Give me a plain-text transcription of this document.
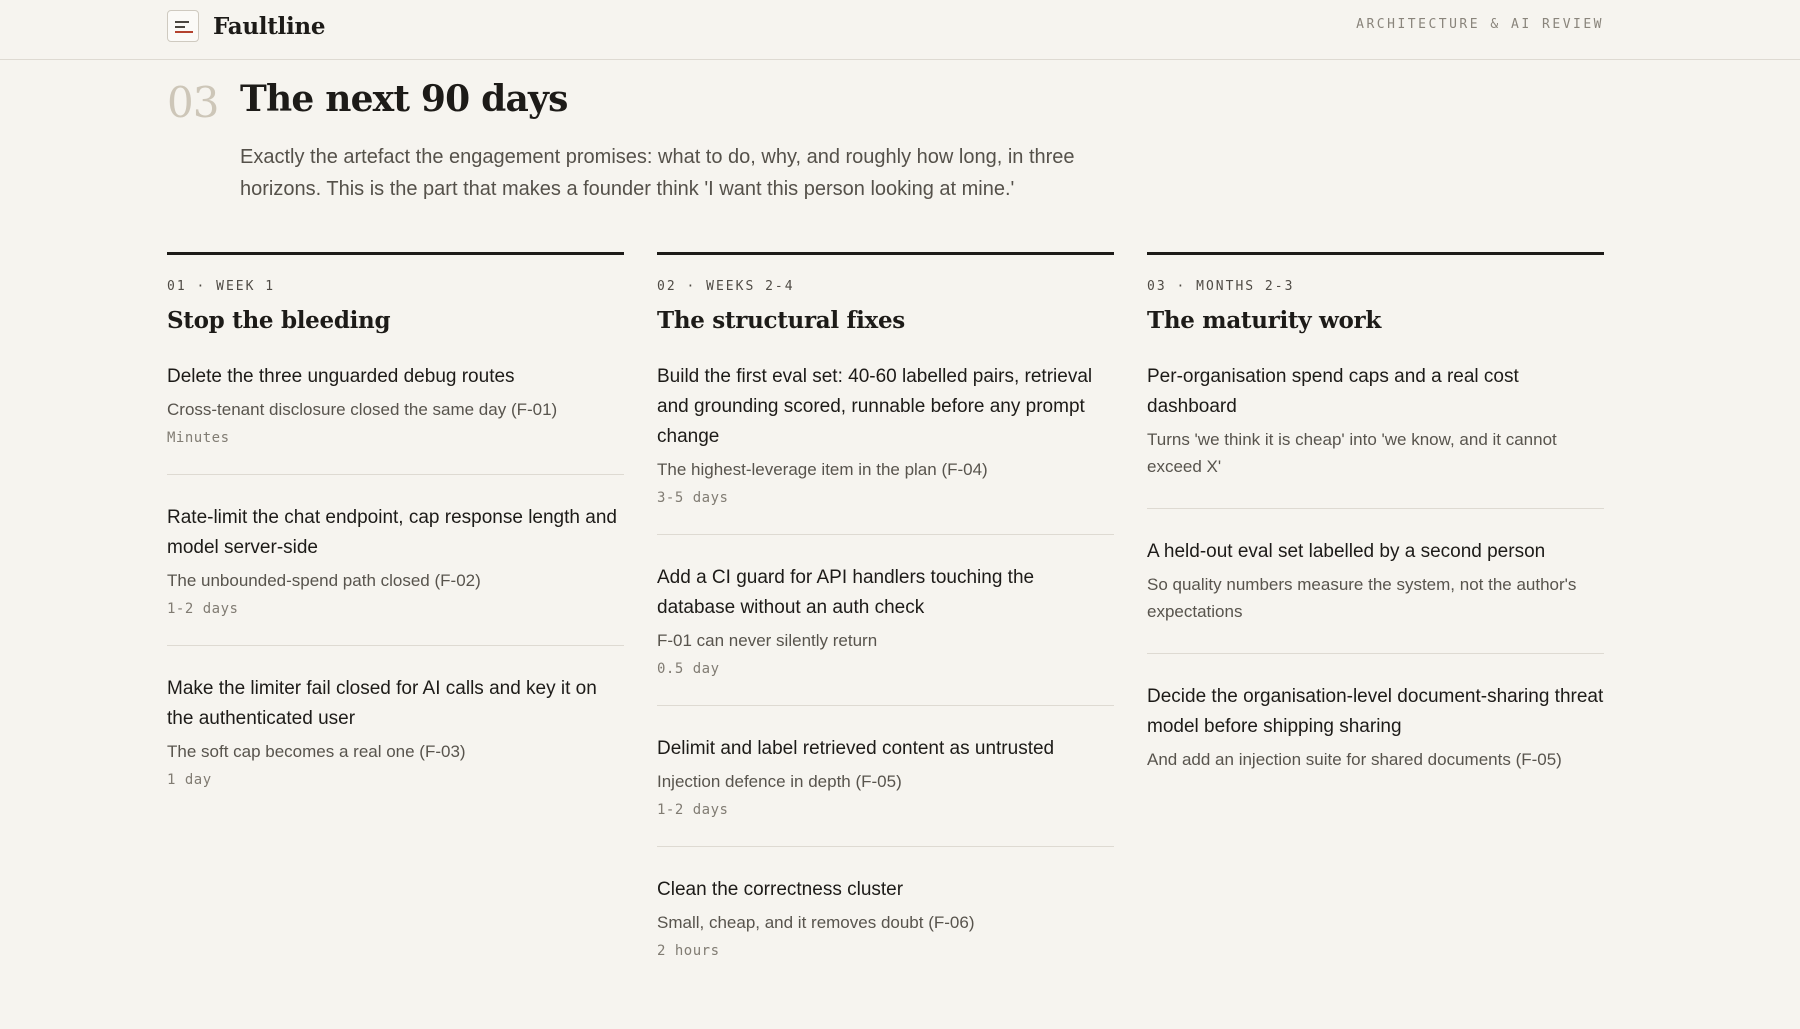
Faultline	ARCHITECTURE & AI REVIEW
03 The next 90 days

Exactly the artefact the engagement promises: what to do, why, and roughly how long, in three horizons. This is the part that makes a founder think 'I want this person looking at mine.'

01 · WEEK 1
Stop the bleeding
Delete the three unguarded debug routes
Cross-tenant disclosure closed the same day (F-01)
Minutes
Rate-limit the chat endpoint, cap response length and model server-side
The unbounded-spend path closed (F-02)
1-2 days
Make the limiter fail closed for AI calls and key it on the authenticated user
The soft cap becomes a real one (F-03)
1 day
02 · WEEKS 2-4
The structural fixes
Build the first eval set: 40-60 labelled pairs, retrieval and grounding scored, runnable before any prompt change
The highest-leverage item in the plan (F-04)
3-5 days
Add a CI guard for API handlers touching the database without an auth check
F-01 can never silently return
0.5 day
Delimit and label retrieved content as untrusted
Injection defence in depth (F-05)
1-2 days
Clean the correctness cluster
Small, cheap, and it removes doubt (F-06)
2 hours
03 · MONTHS 2-3
The maturity work
Per-organisation spend caps and a real cost dashboard
Turns 'we think it is cheap' into 'we know, and it cannot exceed X'
A held-out eval set labelled by a second person
So quality numbers measure the system, not the author's expectations
Decide the organisation-level document-sharing threat model before shipping sharing
And add an injection suite for shared documents (F-05)
